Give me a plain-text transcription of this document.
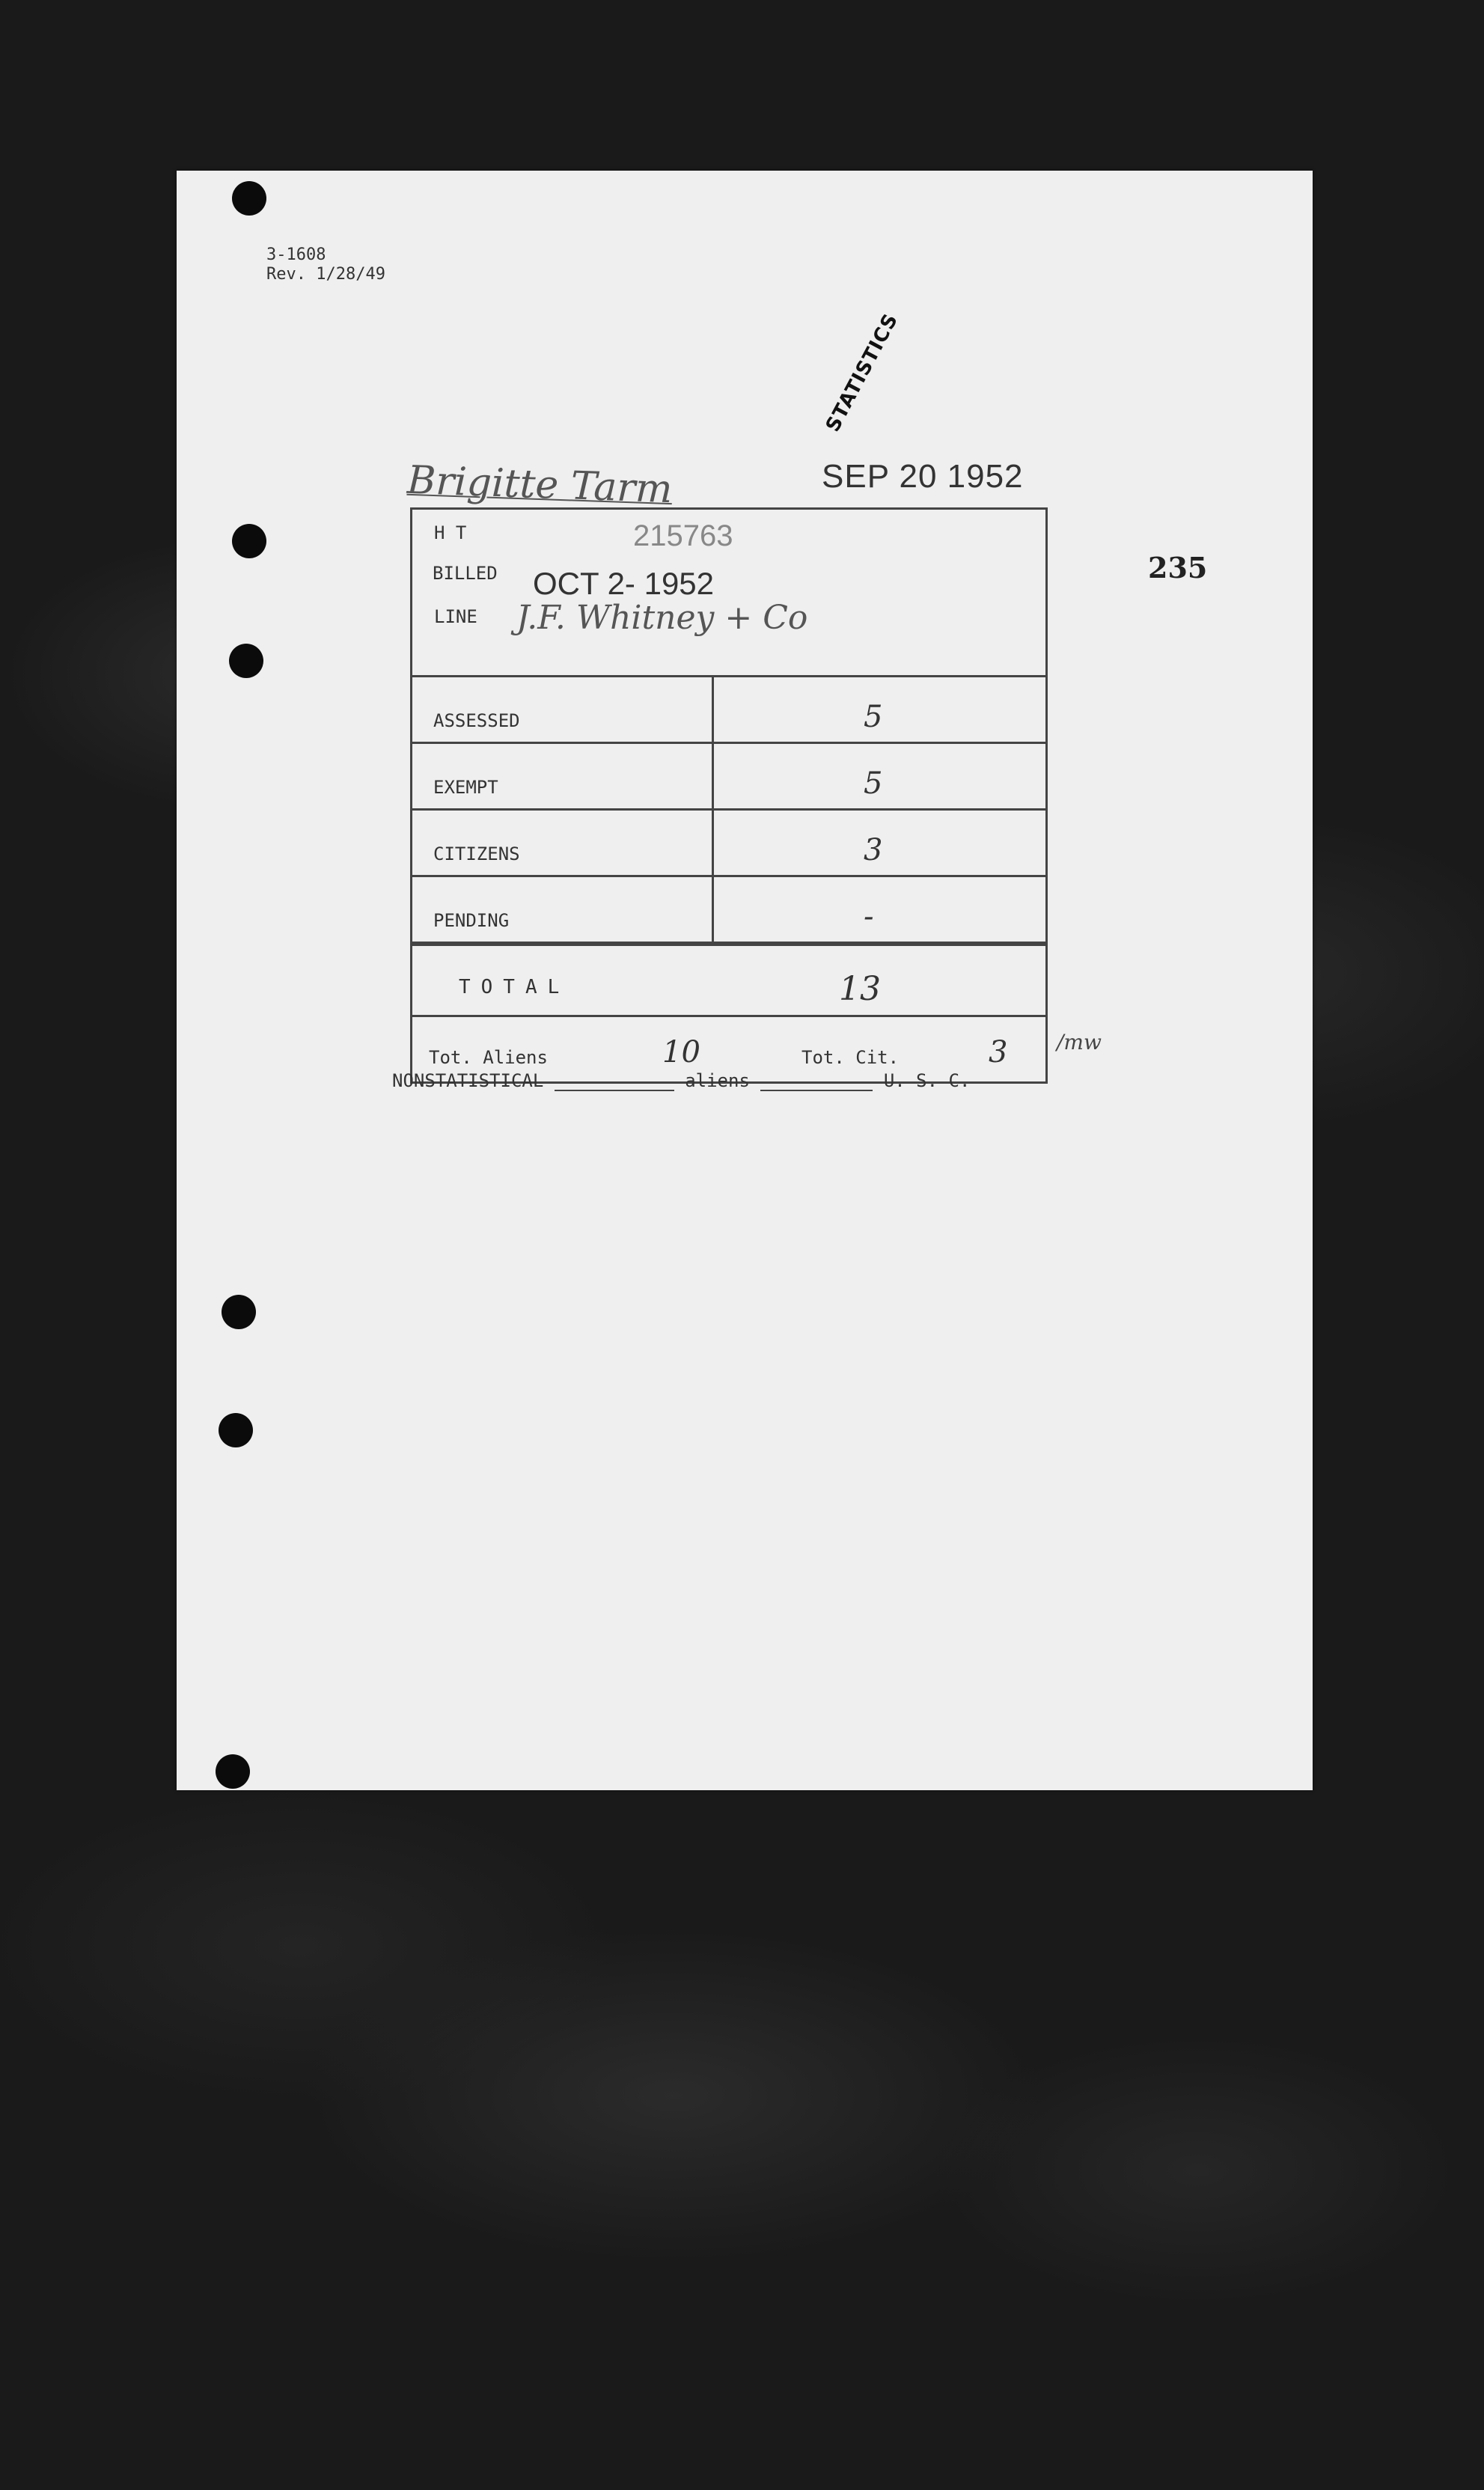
3-1608
Rev. 1/28/49
STATISTICS
Brigitte Tarm	SEP 20 1952
235
H T	215763
BILLED OCT 2- 1952
LINE J.F. Whitney + Co
ASSESSED	5
EXEMPT	5
CITIZENS	3
PENDING	-
TOTAL	13
Tot. Aliens	10	Tot. Cit.	3 /mw
NONSTATISTICAL	aliens	U. S. C.
